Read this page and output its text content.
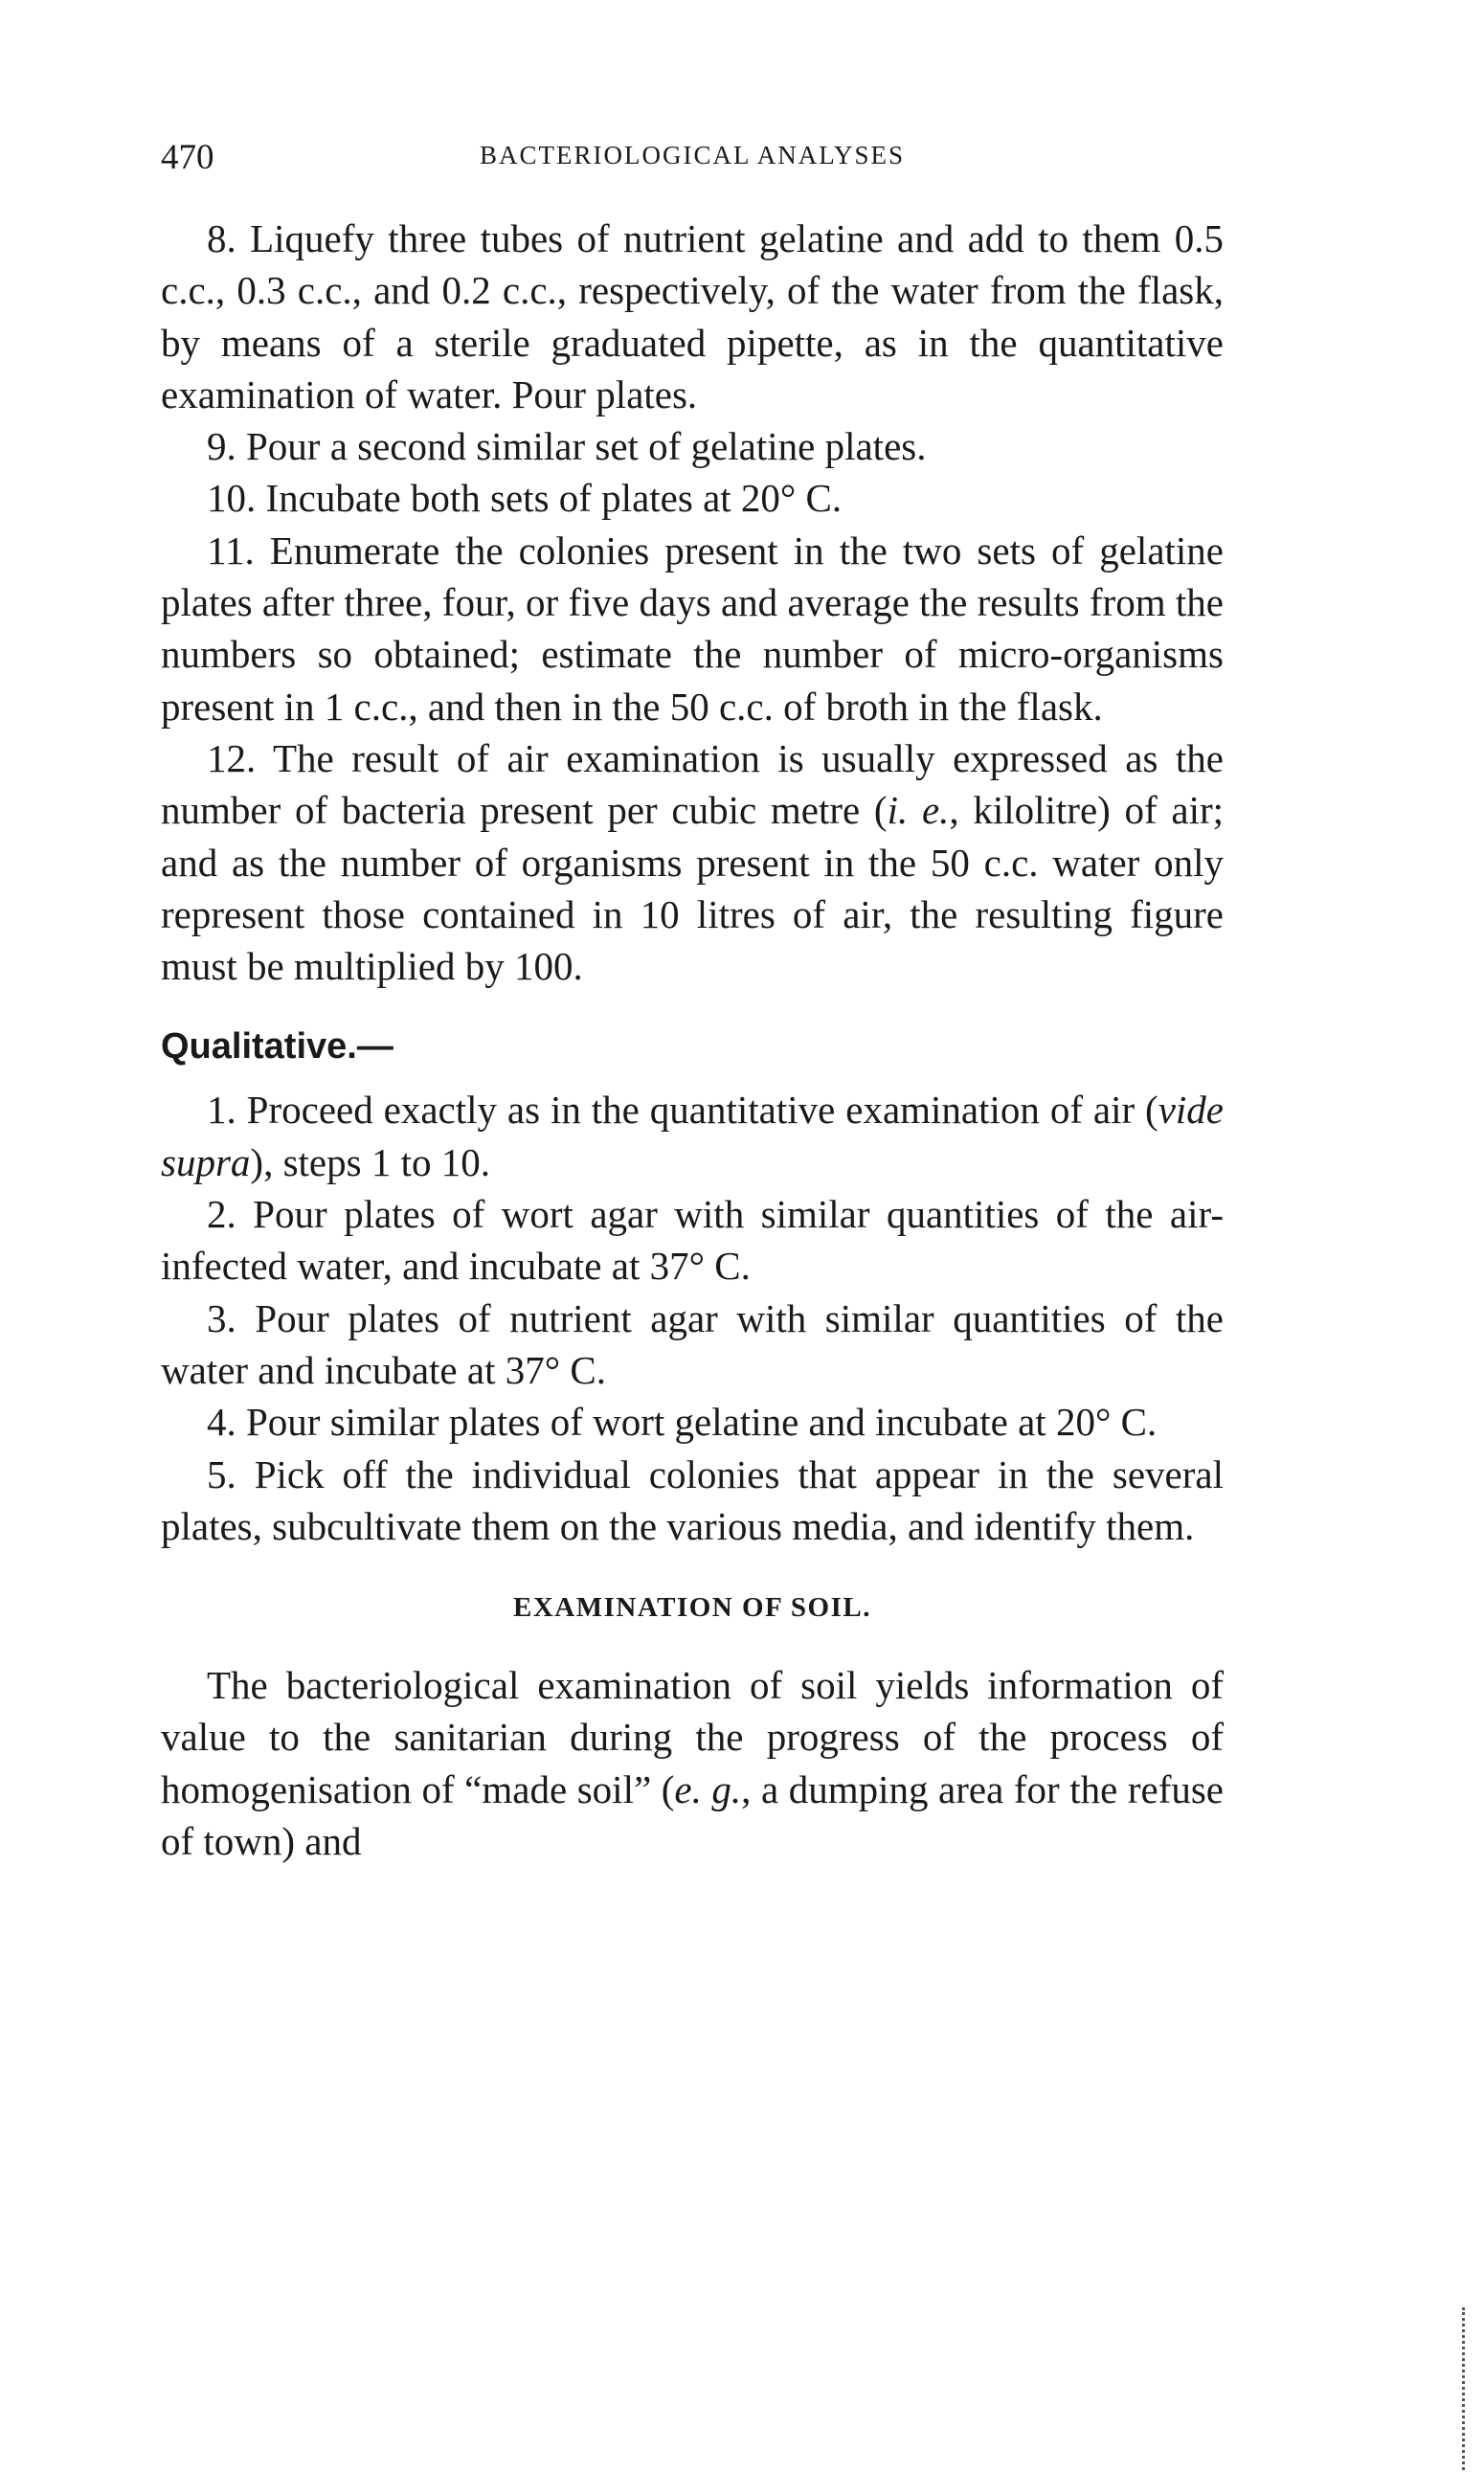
470	BACTERIOLOGICAL ANALYSES

8. Liquefy three tubes of nutrient gelatine and add to them 0.5 c.c., 0.3 c.c., and 0.2 c.c., respectively, of the water from the flask, by means of a sterile graduated pipette, as in the quantitative examination of water. Pour plates.

9. Pour a second similar set of gelatine plates.

10. Incubate both sets of plates at 20° C.

11. Enumerate the colonies present in the two sets of gelatine plates after three, four, or five days and average the results from the numbers so obtained; estimate the number of micro-organisms present in 1 c.c., and then in the 50 c.c. of broth in the flask.

12. The result of air examination is usually expressed as the number of bacteria present per cubic metre (i. e., kilolitre) of air; and as the number of organisms present in the 50 c.c. water only represent those contained in 10 litres of air, the resulting figure must be multiplied by 100.

Qualitative.—

1. Proceed exactly as in the quantitative examination of air (vide supra), steps 1 to 10.

2. Pour plates of wort agar with similar quantities of the air-infected water, and incubate at 37° C.

3. Pour plates of nutrient agar with similar quantities of the water and incubate at 37° C.

4. Pour similar plates of wort gelatine and incubate at 20° C.

5. Pick off the individual colonies that appear in the several plates, subcultivate them on the various media, and identify them.

EXAMINATION OF SOIL.

The bacteriological examination of soil yields information of value to the sanitarian during the progress of the process of homogenisation of “made soil” (e. g., a dumping area for the refuse of town) and
